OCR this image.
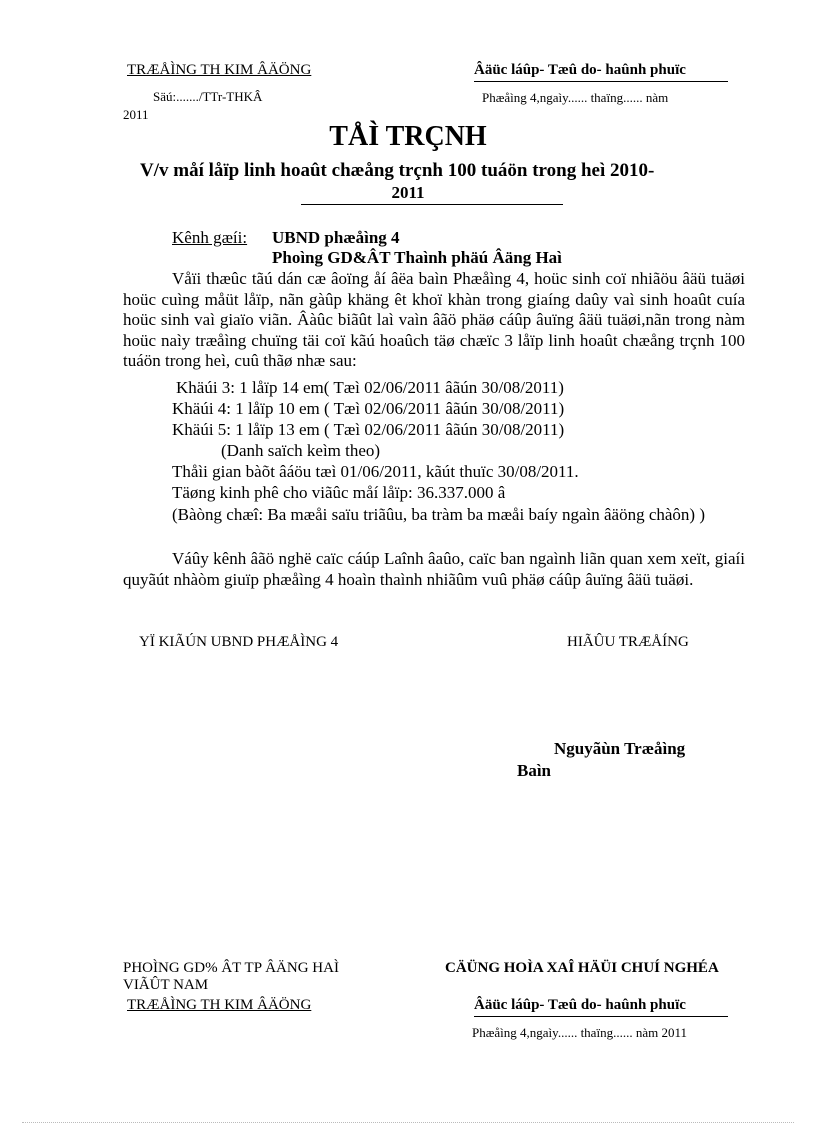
TRÆÅÌNG TH KIM ÂÄÖNG	Âäüc láûp- Tæû do- haûnh phuïc
Säú:......./TTr-THKÂ	Phæåìng 4,ngaìy...... thaïng...... nàm
2011
TÅÌ TRÇNH
V/v måí låïp linh hoaût chæång trçnh 100 tuáön trong heì 2010-
2011
Kênh gæíi: UBND phæåìng 4
Phoìng GD&ÂT Thaình phäú Âäng Haì
Våïi thæûc tãú dán cæ âoïng åí âëa baìn Phæåìng 4, hoüc sinh coï nhiãöu âäü tuäøi hoüc cuìng måüt låïp, nãn gàûp khäng êt khoï khàn trong giaíng daûy vaì sinh hoaût cuía hoüc sinh vaì giaïo viãn. Âàûc biãût laì vaìn âãö phäø cáûp âuïng âäü tuäøi,nãn trong nàm hoüc naìy træåìng chuïng täi coï kãú hoaûch täø chæïc 3 låïp linh hoaût chæång trçnh 100 tuáön trong heì, cuû thãø nhæ sau:
Khäúi 3: 1 låïp 14 em( Tæì 02/06/2011 âãún 30/08/2011)
Khäúi 4: 1 låïp 10 em ( Tæì 02/06/2011 âãún 30/08/2011)
Khäúi 5: 1 låïp 13 em ( Tæì 02/06/2011 âãún 30/08/2011)
(Danh saïch keìm theo)
Thåìi gian bàõt âáöu tæì 01/06/2011, kãút thuïc 30/08/2011.
Täøng kinh phê cho viãûc måí låïp: 36.337.000 â
(Bàòng chæî: Ba mæåi saïu triãûu, ba tràm ba mæåi baíy ngaìn âäöng chàôn) )
Váûy kênh âãö nghë caïc cáúp Laînh âaûo, caïc ban ngaình liãn quan xem xeït, giaíi quyãút nhàòm giuïp phæåìng 4 hoaìn thaình nhiãûm vuû phäø cáûp âuïng âäü tuäøi.
YÏ KIÃÚN UBND PHÆÅÌNG 4	HIÃÛU TRÆÅÍNG
Nguyãùn Træåìng
Baìn
PHOÌNG GD% ÂT TP ÂÄNG HAÌ	CÄÜNG HOÌA XAÎ HÄÜI CHUÍ NGHÉA
VIÃÛT NAM
TRÆÅÌNG TH KIM ÂÄÖNG	Âäüc láûp- Tæû do- haûnh phuïc
Phæåìng 4,ngaìy...... thaïng...... nàm 2011
